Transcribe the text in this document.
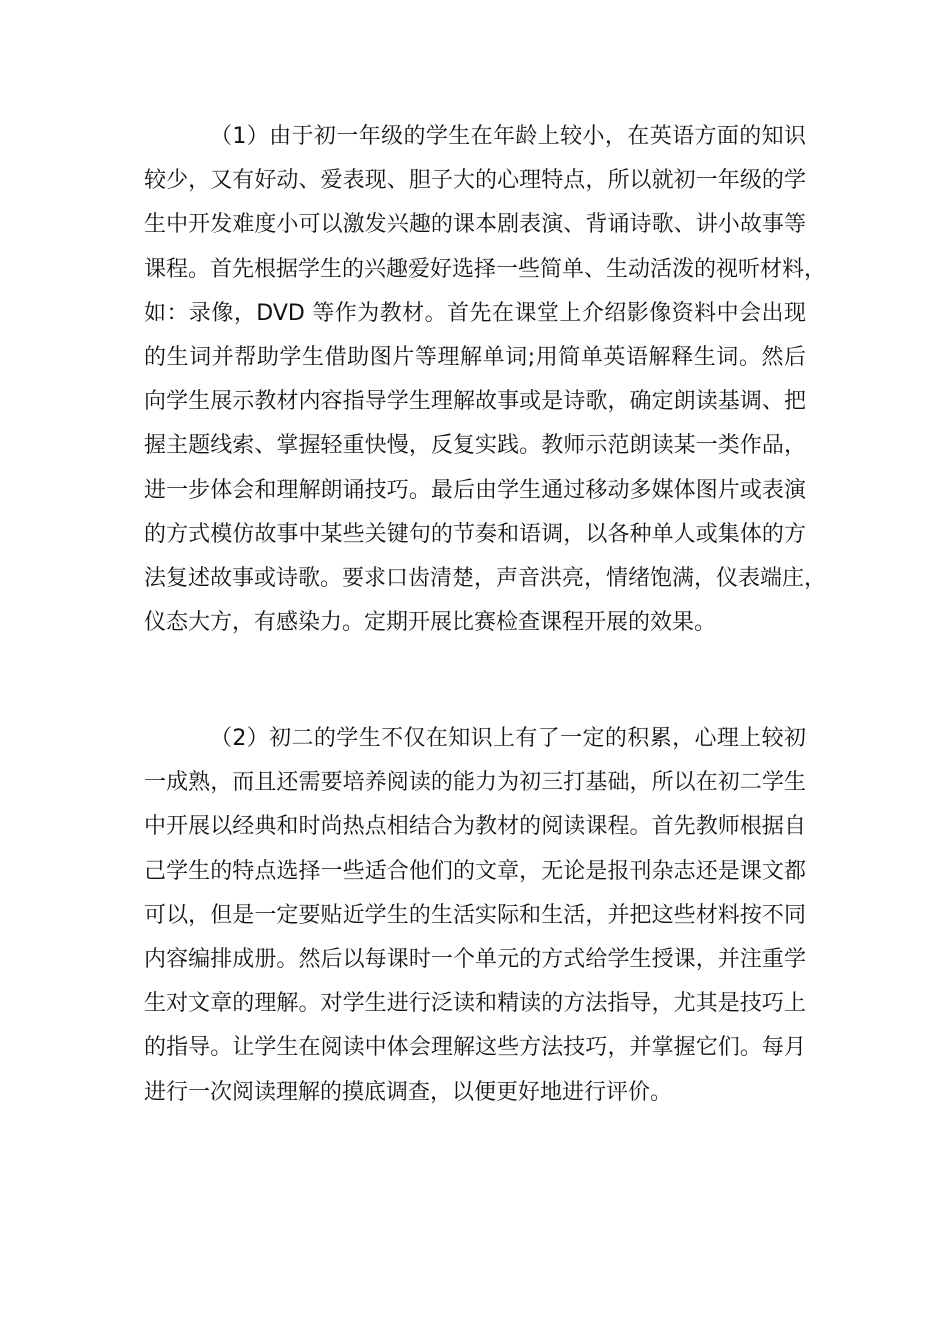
（1）由于初一年级的学生在年龄上较小，在英语方面的知识
较少，又有好动、爱表现、胆子大的心理特点，所以就初一年级的学
生中开发难度小可以激发兴趣的课本剧表演、背诵诗歌、讲小故事等
课程。首先根据学生的兴趣爱好选择一些简单、生动活泼的视听材料，
如：录像，DVD 等作为教材。首先在课堂上介绍影像资料中会出现
的生词并帮助学生借助图片等理解单词;用简单英语解释生词。然后
向学生展示教材内容指导学生理解故事或是诗歌，确定朗读基调、把
握主题线索、掌握轻重快慢，反复实践。教师示范朗读某一类作品，
进一步体会和理解朗诵技巧。最后由学生通过移动多媒体图片或表演
的方式模仿故事中某些关键句的节奏和语调，以各种单人或集体的方
法复述故事或诗歌。要求口齿清楚，声音洪亮，情绪饱满，仪表端庄，
仪态大方，有感染力。定期开展比赛检查课程开展的效果。
（2）初二的学生不仅在知识上有了一定的积累，心理上较初
一成熟，而且还需要培养阅读的能力为初三打基础，所以在初二学生
中开展以经典和时尚热点相结合为教材的阅读课程。首先教师根据自
己学生的特点选择一些适合他们的文章，无论是报刊杂志还是课文都
可以，但是一定要贴近学生的生活实际和生活，并把这些材料按不同
内容编排成册。然后以每课时一个单元的方式给学生授课，并注重学
生对文章的理解。对学生进行泛读和精读的方法指导，尤其是技巧上
的指导。让学生在阅读中体会理解这些方法技巧，并掌握它们。每月
进行一次阅读理解的摸底调查，以便更好地进行评价。
